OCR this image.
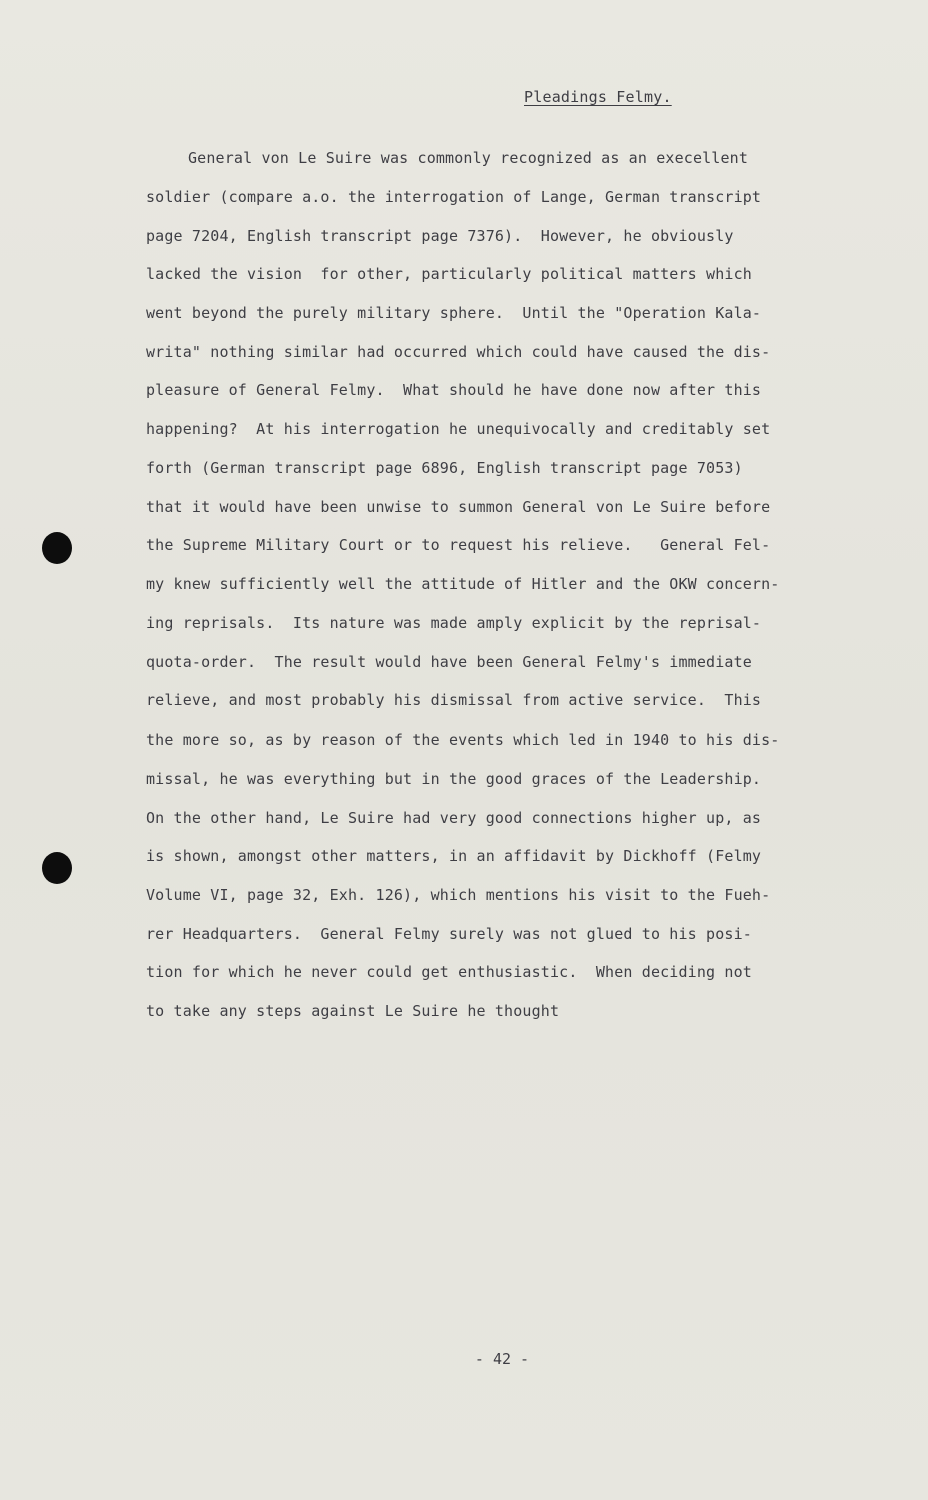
Pleadings Felmy.
General von Le Suire was commonly recognized as an execellent
soldier (compare a.o. the interrogation of Lange, German transcript
page 7204, English transcript page 7376).  However, he obviously
lacked the vision  for other, particularly political matters which
went beyond the purely military sphere.  Until the "Operation Kala-
writa" nothing similar had occurred which could have caused the dis-
pleasure of General Felmy.  What should he have done now after this
happening?  At his interrogation he unequivocally and creditably set
forth (German transcript page 6896, English transcript page 7053)
that it would have been unwise to summon General von Le Suire before
the Supreme Military Court or to request his relieve.   General Fel-
my knew sufficiently well the attitude of Hitler and the OKW concern-
ing reprisals.  Its nature was made amply explicit by the reprisal-
quota-order.  The result would have been General Felmy's immediate
relieve, and most probably his dismissal from active service.  This
the more so, as by reason of the events which led in 1940 to his dis-
missal, he was everything but in the good graces of the Leadership.
On the other hand, Le Suire had very good connections higher up, as
is shown, amongst other matters, in an affidavit by Dickhoff (Felmy
Volume VI, page 32, Exh. 126), which mentions his visit to the Fueh-
rer Headquarters.  General Felmy surely was not glued to his posi-
tion for which he never could get enthusiastic.  When deciding not
to take any steps against Le Suire he thought
- 42 -
